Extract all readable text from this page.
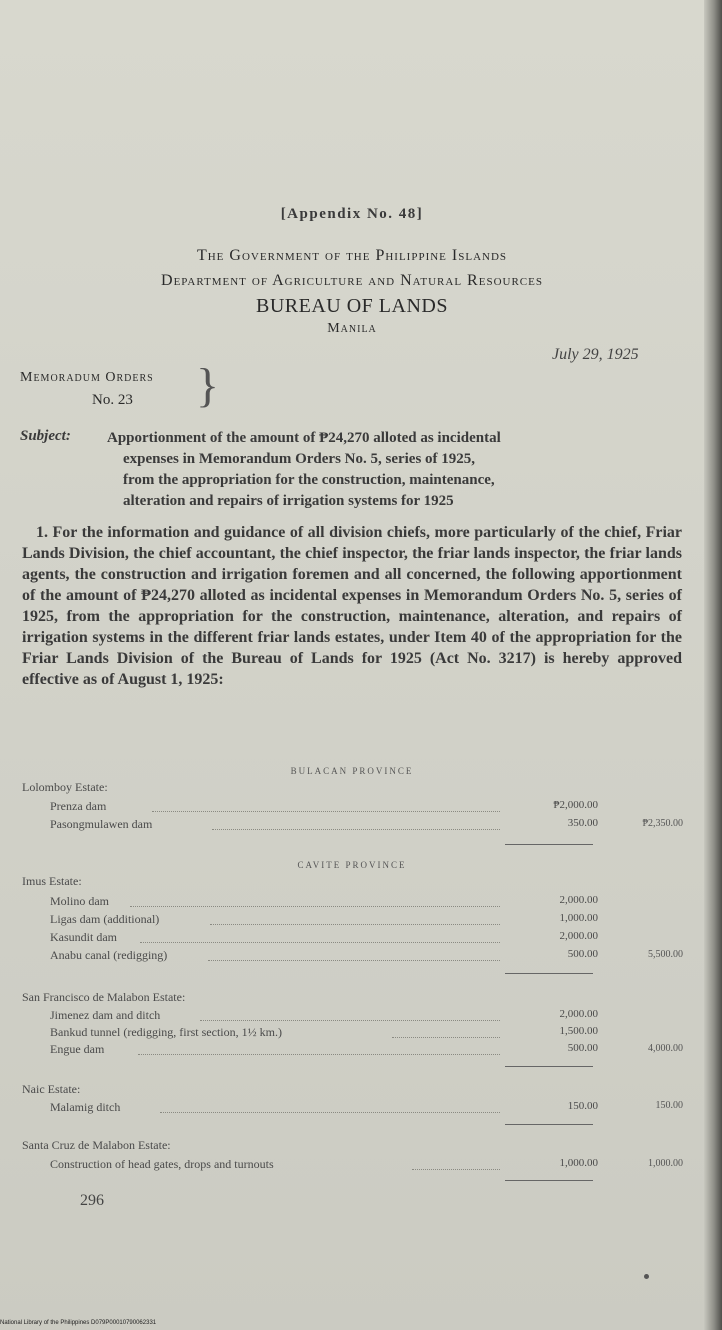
[Appendix No. 48]
The Government of the Philippine Islands
Department of Agriculture and Natural Resources
BUREAU OF LANDS
Manila
July 29, 1925
Memoradum Orders
No. 23 }
Subject: Apportionment of the amount of ₱24,270 alloted as incidental
expenses in Memorandum Orders No. 5, series of 1925,
from the appropriation for the construction, maintenance,
alteration and repairs of irrigation systems for 1925
1. For the information and guidance of all division chiefs, more particularly of the chief, Friar Lands Division, the chief accountant, the chief inspector, the friar lands inspector, the friar lands agents, the construction and irrigation foremen and all concerned, the following apportionment of the amount of ₱24,270 alloted as incidental expenses in Memorandum Orders No. 5, series of 1925, from the appropriation for the construction, maintenance, alteration, and repairs of irrigation systems in the different friar lands estates, under Item 40 of the appropriation for the Friar Lands Division of the Bureau of Lands for 1925 (Act No. 3217) is hereby approved effective as of August 1, 1925:
BULACAN PROVINCE
Lolomboy Estate:
Prenza dam	₱2,000.00
Pasongmulawen dam	350.00	₱2,350.00
CAVITE PROVINCE
Imus Estate:
Molino dam	2,000.00
Ligas dam (additional)	1,000.00
Kasundit dam	2,000.00
Anabu canal (redigging)	500.00	5,500.00
San Francisco de Malabon Estate:
Jimenez dam and ditch	2,000.00
Bankud tunnel (redigging, first section, 1½ km.)	1,500.00
Engue dam	500.00	4,000.00
Naic Estate:
Malamig ditch	150.00	150.00
Santa Cruz de Malabon Estate:
Construction of head gates, drops and turnouts	1,000.00	1,000.00
296
National Library of the Philippines D079P00010790062331
